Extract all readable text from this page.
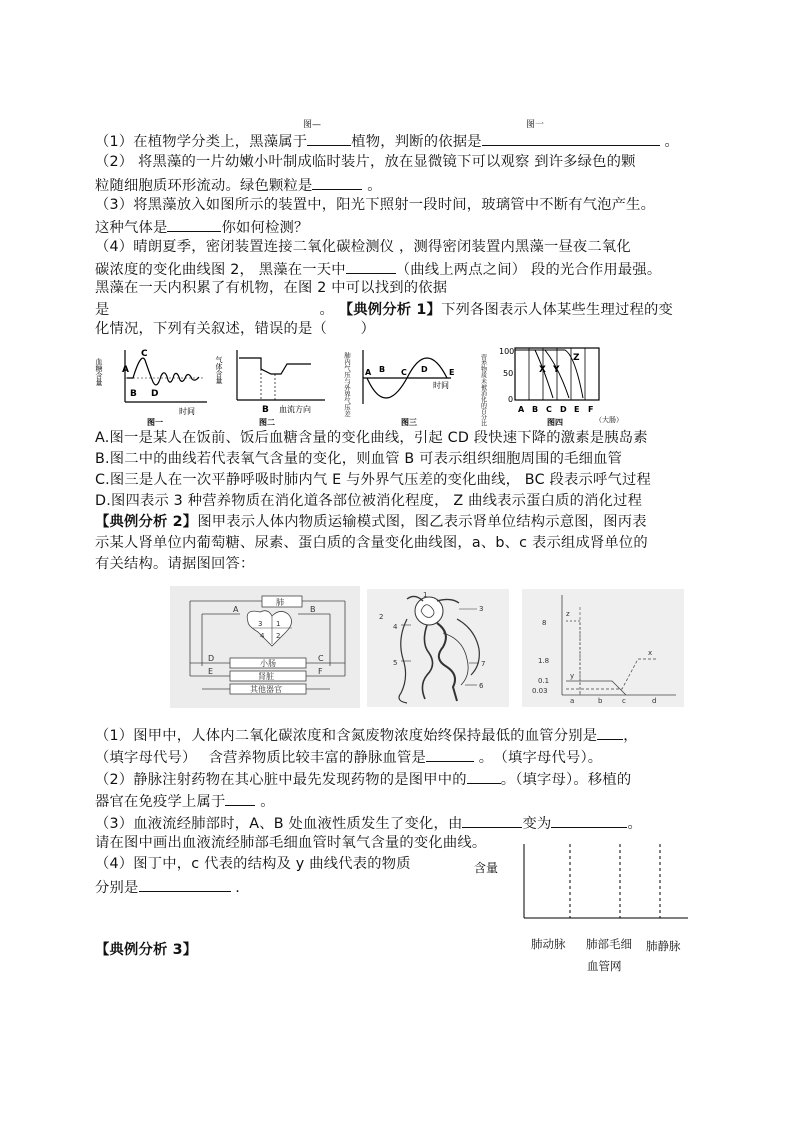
图—	图一
（1）在植物学分类上，黑藻属于	植物，判断的依据是	。
（2） 将黑藻的一片幼嫩小叶制成临时装片，放在显微镜下可以观察 到许多绿色的颗
粒随细胞质环形流动。绿色颗粒是	。
（3）将黑藻放入如图所示的装置中，阳光下照射一段时间，玻璃管中不断有气泡产生。
这种气体是	你如何检测？
（4）晴朗夏季，密闭装置连接二氧化碳检测仪 ，测得密闭装置内黑藻一昼夜二氧化
碳浓度的变化曲线图 2， 黑藻在一天中	（曲线上两点之间） 段的光合作用最强。
黑藻在一天内积累了有机物，在图 2 中可以找到的依据
是	。 【典例分析 1】下列各图表示人体某些生理过程的变
化情况，下列有关叙述，错误的是（ 　　）
血糖含量 A
B
C
D
时间
图一
气体含量
B 血流方向
图二
肺内气压与外界气压差 A B C D	E
时间
图三	营养物质未被消化的百分比
100
50
0
X Y
Z
A B C D E F
（大肠）
图四
A.图一是某人在饭前、饭后血糖含量的变化曲线，引起 CD 段快速下降的激素是胰岛素
B.图二中的曲线若代表氧气含量的变化，则血管 B 可表示组织细胞周围的毛细血管
C.图三是人在一次平静呼吸时肺内气 E 与外界气压差的变化曲线， BC 段表示呼气过程
D.图四表示 3 种营养物质在消化道各部位被消化程度， Z 曲线表示蛋白质的消化过程
【典例分析 2】图甲表示人体内物质运输模式图，图乙表示肾单位结构示意图，图丙表
示某人肾单位内葡萄糖、尿素、蛋白质的含量变化曲线图，a、b、c 表示组成肾单位的
有关结构。请据图回答：
肺
A	B
3 1
4 2
小肠
肾脏
其他器官
D	C
E	F
1
2
3
4
5
6
7
8
1.8
0.1
0.03
z
y
x
a	b	c	d
（1）图甲中，人体内二氧化碳浓度和含氮废物浓度始终保持最低的血管分别是 ，
（填字母代号）　 含营养物质比较丰富的静脉血管是	。　（填字母代号）。
（2）静脉注射药物在其心脏中最先发现药物的是图甲中的 。（填字母）。移植的
器官在免疫学上属于 。
（3）血液流经肺部时，A、B 处血液性质发生了变化，由	变为	。
请在图中画出血液流经肺部毛细血管时氧气含量的变化曲线。
（4）图丁中，c 代表的结构及 y 曲线代表的物质
分别是	.
含量
肺动脉 肺部毛细
血管网
肺静脉
【典例分析 3】
